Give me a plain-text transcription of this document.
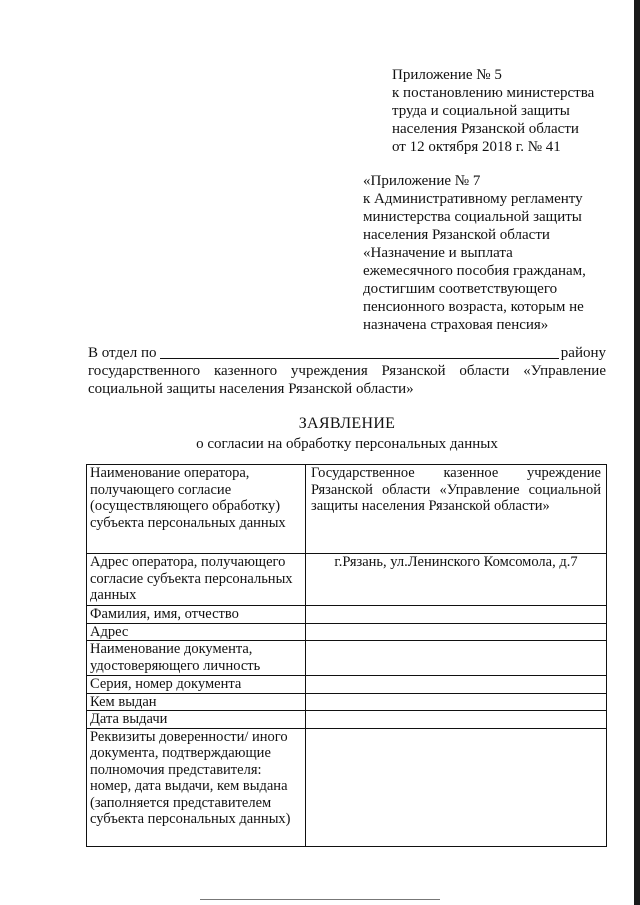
Приложение № 5
к постановлению министерства
труда и социальной защиты
населения Рязанской области
от 12 октября 2018 г. № 41
«Приложение № 7
к Административному регламенту
министерства социальной защиты
населения Рязанской области
«Назначение и выплата
ежемесячного пособия гражданам,
достигшим соответствующего
пенсионного возраста, которым не
назначена страховая пенсия»
В отдел по	району
государственного казенного учреждения Рязанской области «Управление
социальной защиты населения Рязанской области»
ЗАЯВЛЕНИЕ
о согласии на обработку персональных данных
Наименование оператора, получающего согласие (осуществляющего обработку) субъекта персональных данных	Государственное казенное учреждение Рязанской области «Управление социальной защиты населения Рязанской области»
Адрес оператора, получающего согласие субъекта персональных данных	г.Рязань, ул.Ленинского Комсомола, д.7
Фамилия, имя, отчество	
Адрес	
Наименование документа, удостоверяющего личность	
Серия, номер документа	
Кем выдан	
Дата выдачи	
Реквизиты доверенности/ иного документа, подтверждающие полномочия представителя: номер, дата выдачи, кем выдана (заполняется представителем субъекта персональных данных)	
